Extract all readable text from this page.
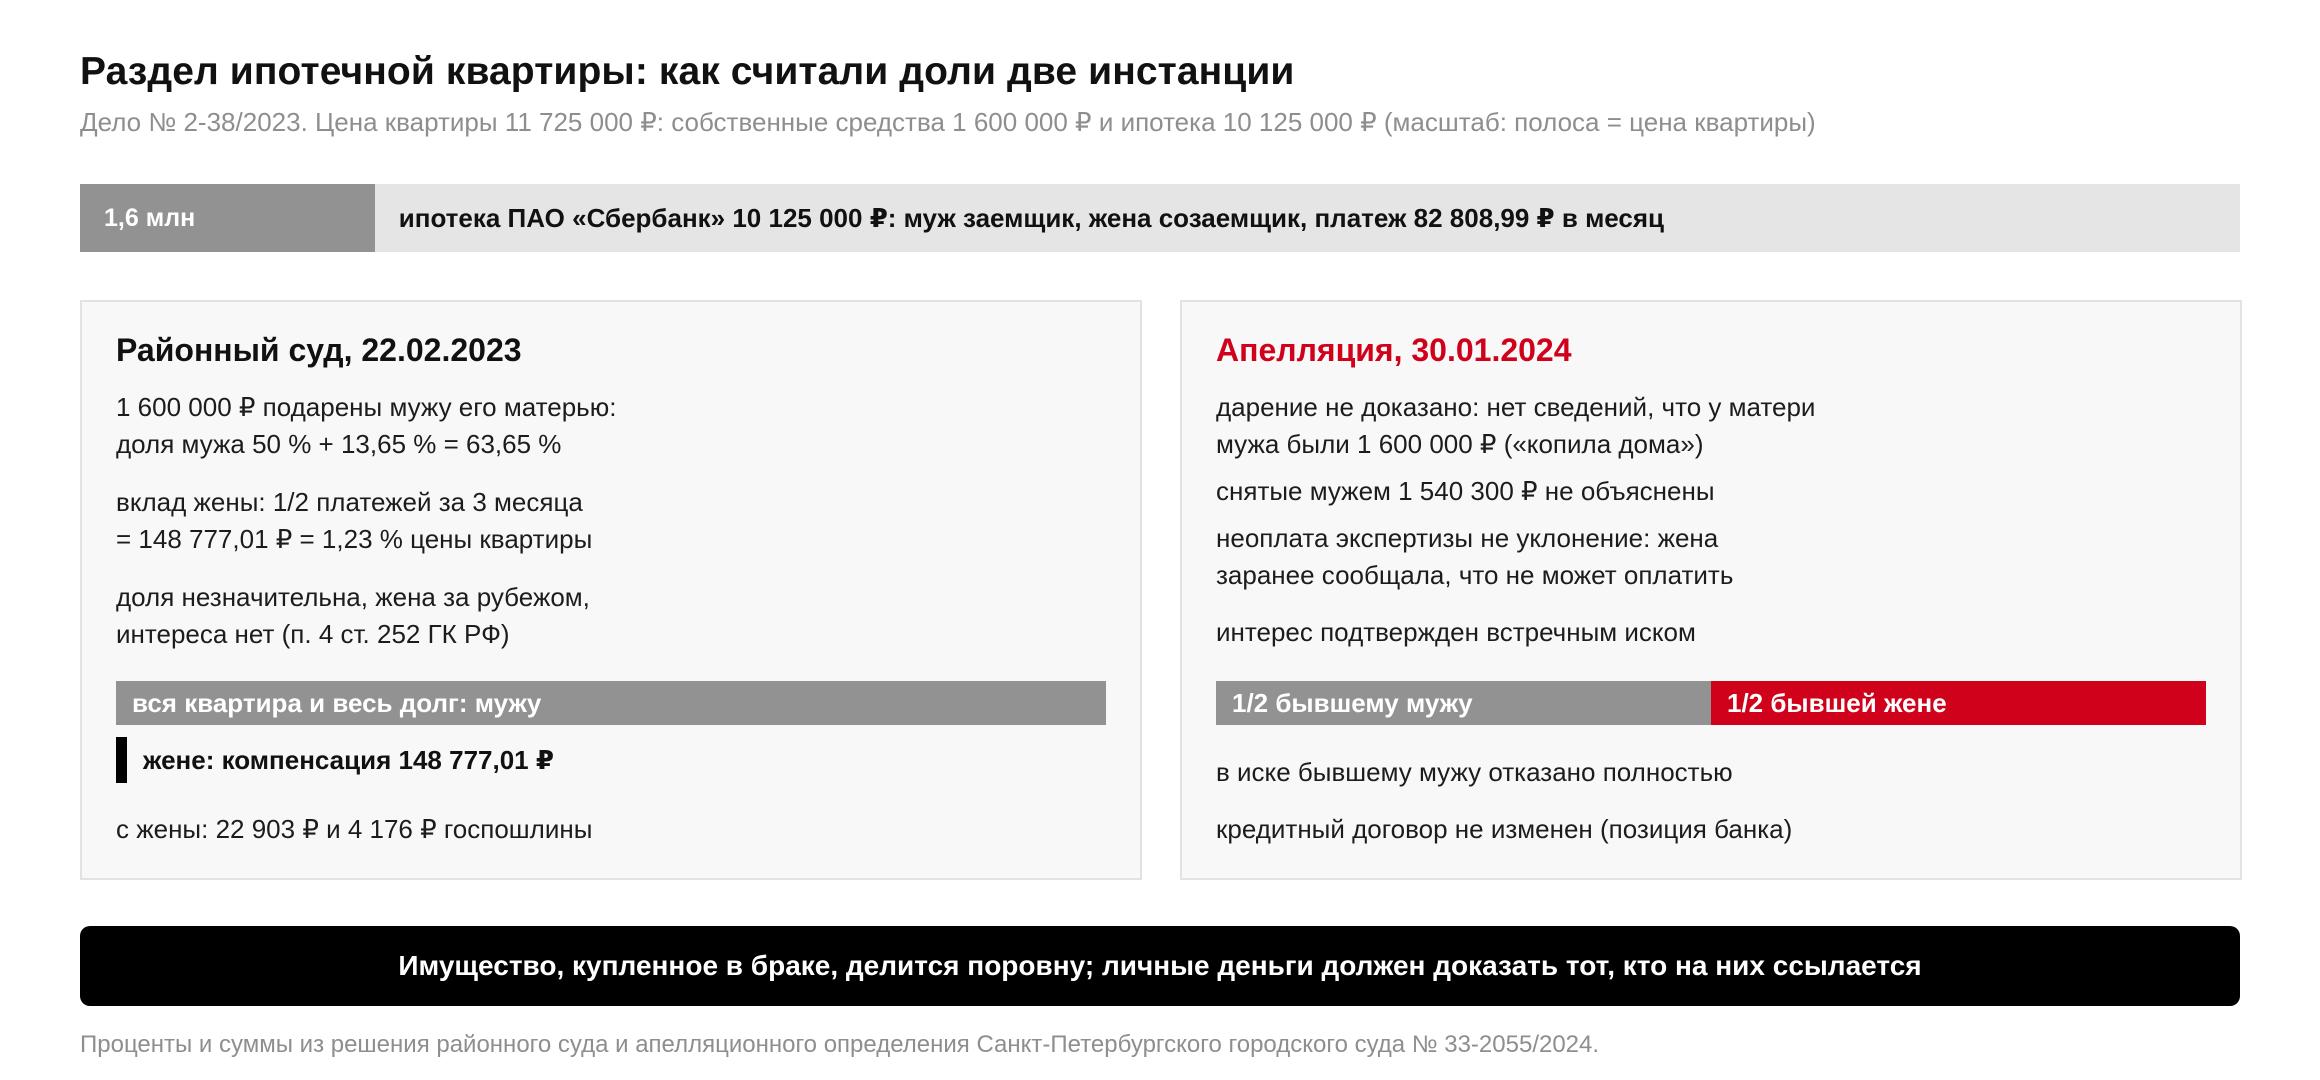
Раздел ипотечной квартиры: как считали доли две инстанции
Дело № 2-38/2023. Цена квартиры 11 725 000 ₽: собственные средства 1 600 000 ₽ и ипотека 10 125 000 ₽ (масштаб: полоса = цена квартиры)
1,6 млн	ипотека ПАО «Сбербанк» 10 125 000 ₽: муж заемщик, жена созаемщик, платеж 82 808,99 ₽ в месяц
Районный суд, 22.02.2023
1 600 000 ₽ подарены мужу его матерью:
доля мужа 50 % + 13,65 % = 63,65 %
вклад жены: 1/2 платежей за 3 месяца
= 148 777,01 ₽ = 1,23 % цены квартиры
доля незначительна, жена за рубежом,
интереса нет (п. 4 ст. 252 ГК РФ)
вся квартира и весь долг: мужу
жене: компенсация 148 777,01 ₽
с жены: 22 903 ₽ и 4 176 ₽ госпошлины
Апелляция, 30.01.2024
дарение не доказано: нет сведений, что у матери
мужа были 1 600 000 ₽ («копила дома»)
снятые мужем 1 540 300 ₽ не объяснены
неоплата экспертизы не уклонение: жена
заранее сообщала, что не может оплатить
интерес подтвержден встречным иском
1/2 бывшему мужу	1/2 бывшей жене
в иске бывшему мужу отказано полностью
кредитный договор не изменен (позиция банка)
Имущество, купленное в браке, делится поровну; личные деньги должен доказать тот, кто на них ссылается
Проценты и суммы из решения районного суда и апелляционного определения Санкт-Петербургского городского суда № 33-2055/2024.
